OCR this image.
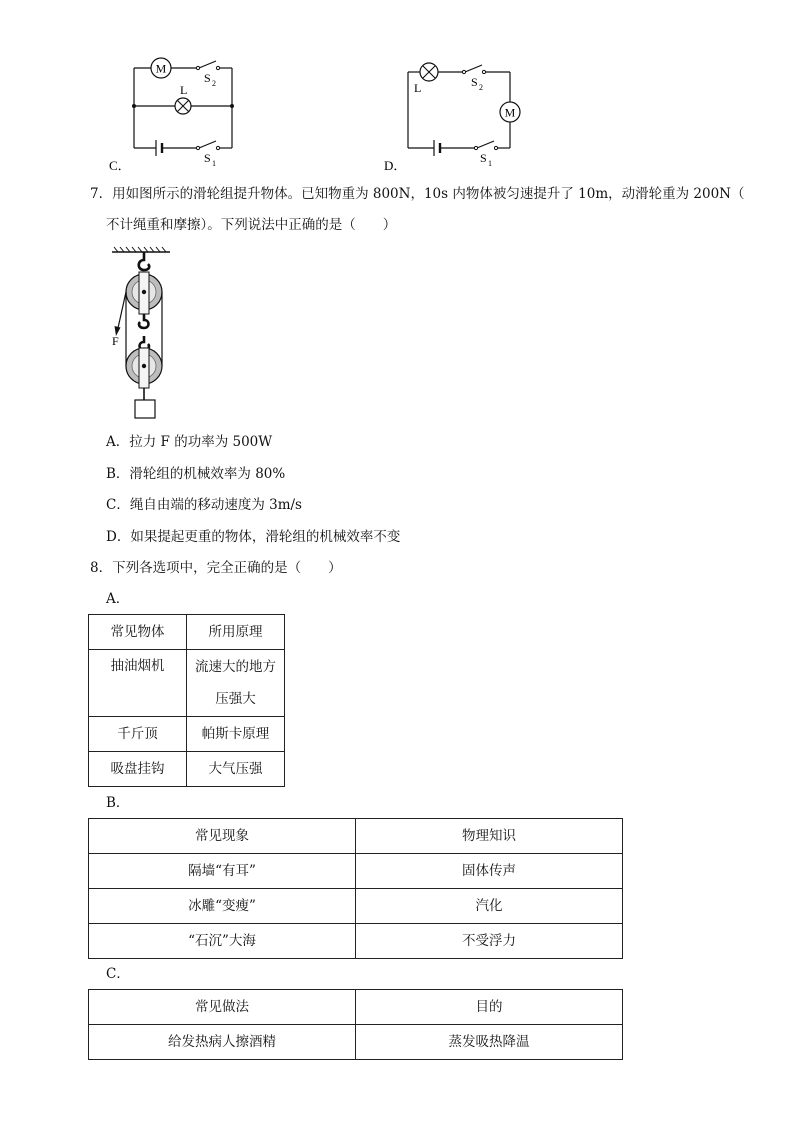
M
L
S 2
S 1
C．
L
M
S 2
S 1
D．
7．用如图所示的滑轮组提升物体。已知物重为 800N，10s 内物体被匀速提升了 10m，动滑轮重为 200N（
不计绳重和摩擦）。下列说法中正确的是（　　）
F
A．拉力 F 的功率为 500W
B．滑轮组的机械效率为 80%
C．绳自由端的移动速度为 3m/s
D．如果提起更重的物体，滑轮组的机械效率不变
8．下列各选项中，完全正确的是（　　）
A．
常见物体	所用原理
抽油烟机	流速大的地方
压强大

千斤顶	帕斯卡原理
吸盘挂钩	大气压强
B．
常见现象	物理知识
隔墙“有耳”	固体传声
冰雕“变瘦”	汽化
“石沉”大海	不受浮力
C．
常见做法	目的
给发热病人擦酒精	蒸发吸热降温
